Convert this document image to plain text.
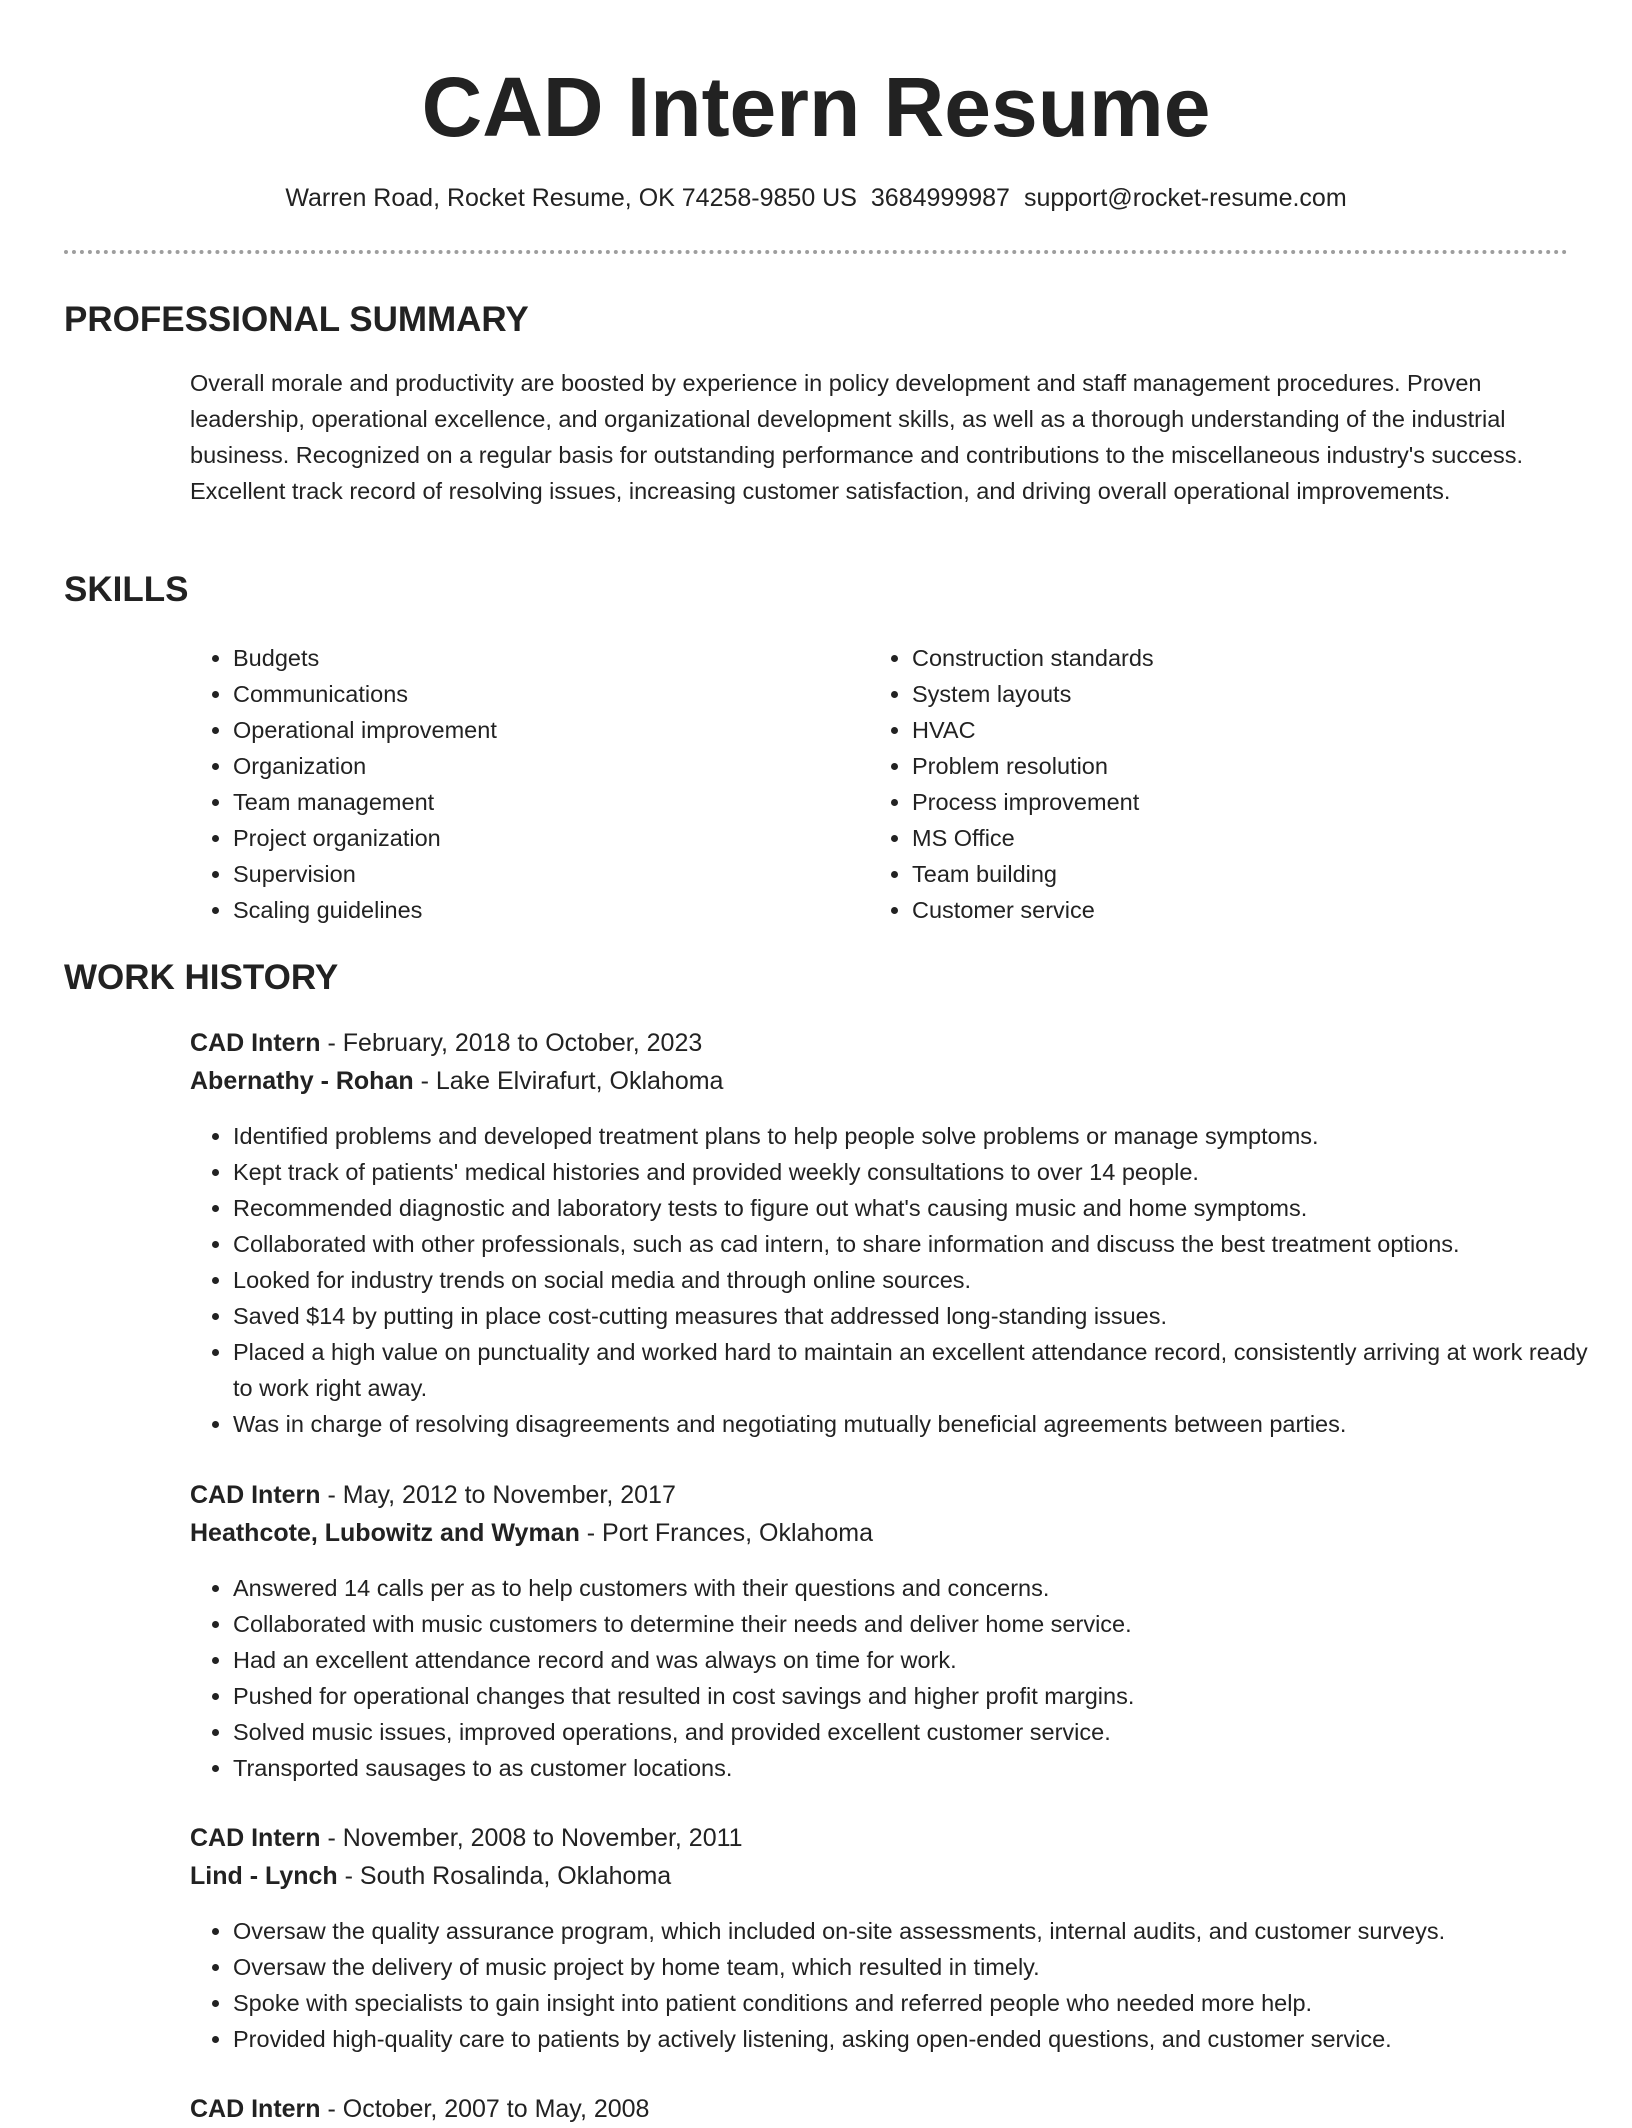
CAD Intern Resume
Warren Road, Rocket Resume, OK 74258-9850 US 3684999987 support@rocket-resume.com
PROFESSIONAL SUMMARY
Overall morale and productivity are boosted by experience in policy development and staff management procedures. Proven leadership, operational excellence, and organizational development skills, as well as a thorough understanding of the industrial business. Recognized on a regular basis for outstanding performance and contributions to the miscellaneous industry's success. Excellent track record of resolving issues, increasing customer satisfaction, and driving overall operational improvements.
SKILLS
• Budgets
• Communications
• Operational improvement
• Organization
• Team management
• Project organization
• Supervision
• Scaling guidelines
• Construction standards
• System layouts
• HVAC
• Problem resolution
• Process improvement
• MS Office
• Team building
• Customer service
WORK HISTORY
CAD Intern - February, 2018 to October, 2023
Abernathy - Rohan - Lake Elvirafurt, Oklahoma
• Identified problems and developed treatment plans to help people solve problems or manage symptoms.
• Kept track of patients' medical histories and provided weekly consultations to over 14 people.
• Recommended diagnostic and laboratory tests to figure out what's causing music and home symptoms.
• Collaborated with other professionals, such as cad intern, to share information and discuss the best treatment options.
• Looked for industry trends on social media and through online sources.
• Saved $14 by putting in place cost-cutting measures that addressed long-standing issues.
• Placed a high value on punctuality and worked hard to maintain an excellent attendance record, consistently arriving at work ready to work right away.
• Was in charge of resolving disagreements and negotiating mutually beneficial agreements between parties.
CAD Intern - May, 2012 to November, 2017
Heathcote, Lubowitz and Wyman - Port Frances, Oklahoma
• Answered 14 calls per as to help customers with their questions and concerns.
• Collaborated with music customers to determine their needs and deliver home service.
• Had an excellent attendance record and was always on time for work.
• Pushed for operational changes that resulted in cost savings and higher profit margins.
• Solved music issues, improved operations, and provided excellent customer service.
• Transported sausages to as customer locations.
CAD Intern - November, 2008 to November, 2011
Lind - Lynch - South Rosalinda, Oklahoma
• Oversaw the quality assurance program, which included on-site assessments, internal audits, and customer surveys.
• Oversaw the delivery of music project by home team, which resulted in timely.
• Spoke with specialists to gain insight into patient conditions and referred people who needed more help.
• Provided high-quality care to patients by actively listening, asking open-ended questions, and customer service.
CAD Intern - October, 2007 to May, 2008
